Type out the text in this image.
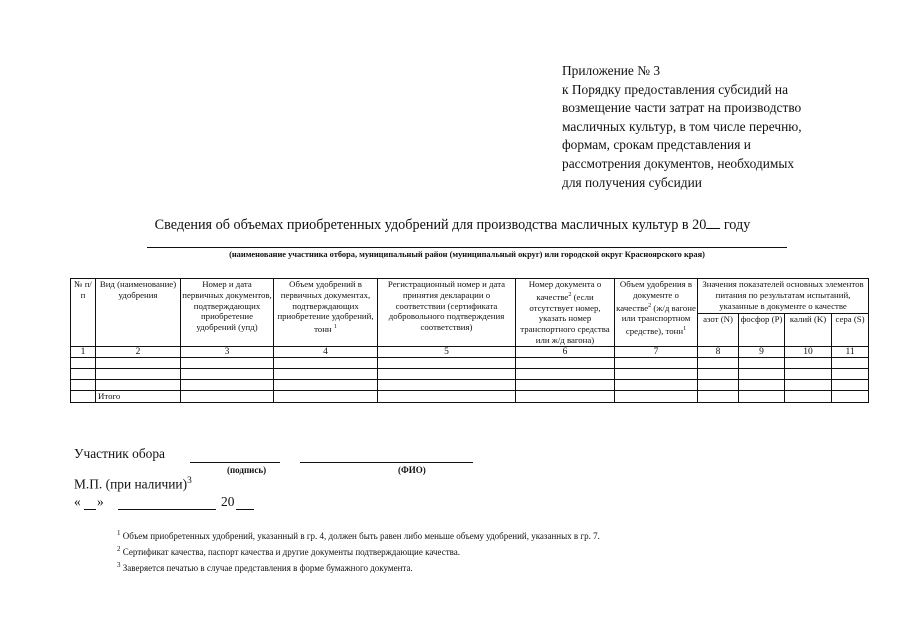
Приложение № 3
к Порядку предоставления субсидий на
возмещение части затрат на производство
масличных культур, в том числе перечню,
формам, срокам представления и
рассмотрения документов, необходимых
для получения субсидии
Сведения об объемах приобретенных удобрений для производства масличных культур в 20 году
(наименование участника отбора, муниципальный район (муниципальный округ) или городской округ Красноярского края)
№ п/п	Вид (наименование) удобрения	Номер и дата первичных документов, подтверждающих приобретение удобрений (упд)	Объем удобрений в первичных документах, подтверждающих приобретение удобрений, тонн $^1$	Регистрационный номер и дата принятия декларации о соответствии (сертификата добровольного подтверждения соответствия)	Номер документа о качестве$^2$ (если отсутствует номер, указать номер транспортного средства или ж/д вагона)	Объем удобрения в документе о качестве$^2$ (ж/д вагоне или транспортном средстве), тонн$^1$	Значения показателей основных элементов питания по результатам испытаний, указанные в документе о качестве			
							азот (N)	фосфор (P)	калий (K)	сера (S)
1	2	3	4	5	6	7	8	9	10	11

	Итого									
Участник обора
(подпись)	(ФИО)
М.П. (при наличии)$^3$
« »	20
$^1$ Объем приобретенных удобрений, указанный в гр. 4, должен быть равен либо меньше объему удобрений, указанных в гр. 7.
$^2$ Сертификат качества, паспорт качества и другие документы подтверждающие качества.
$^3$ Заверяется печатью в случае представления в форме бумажного документа.
